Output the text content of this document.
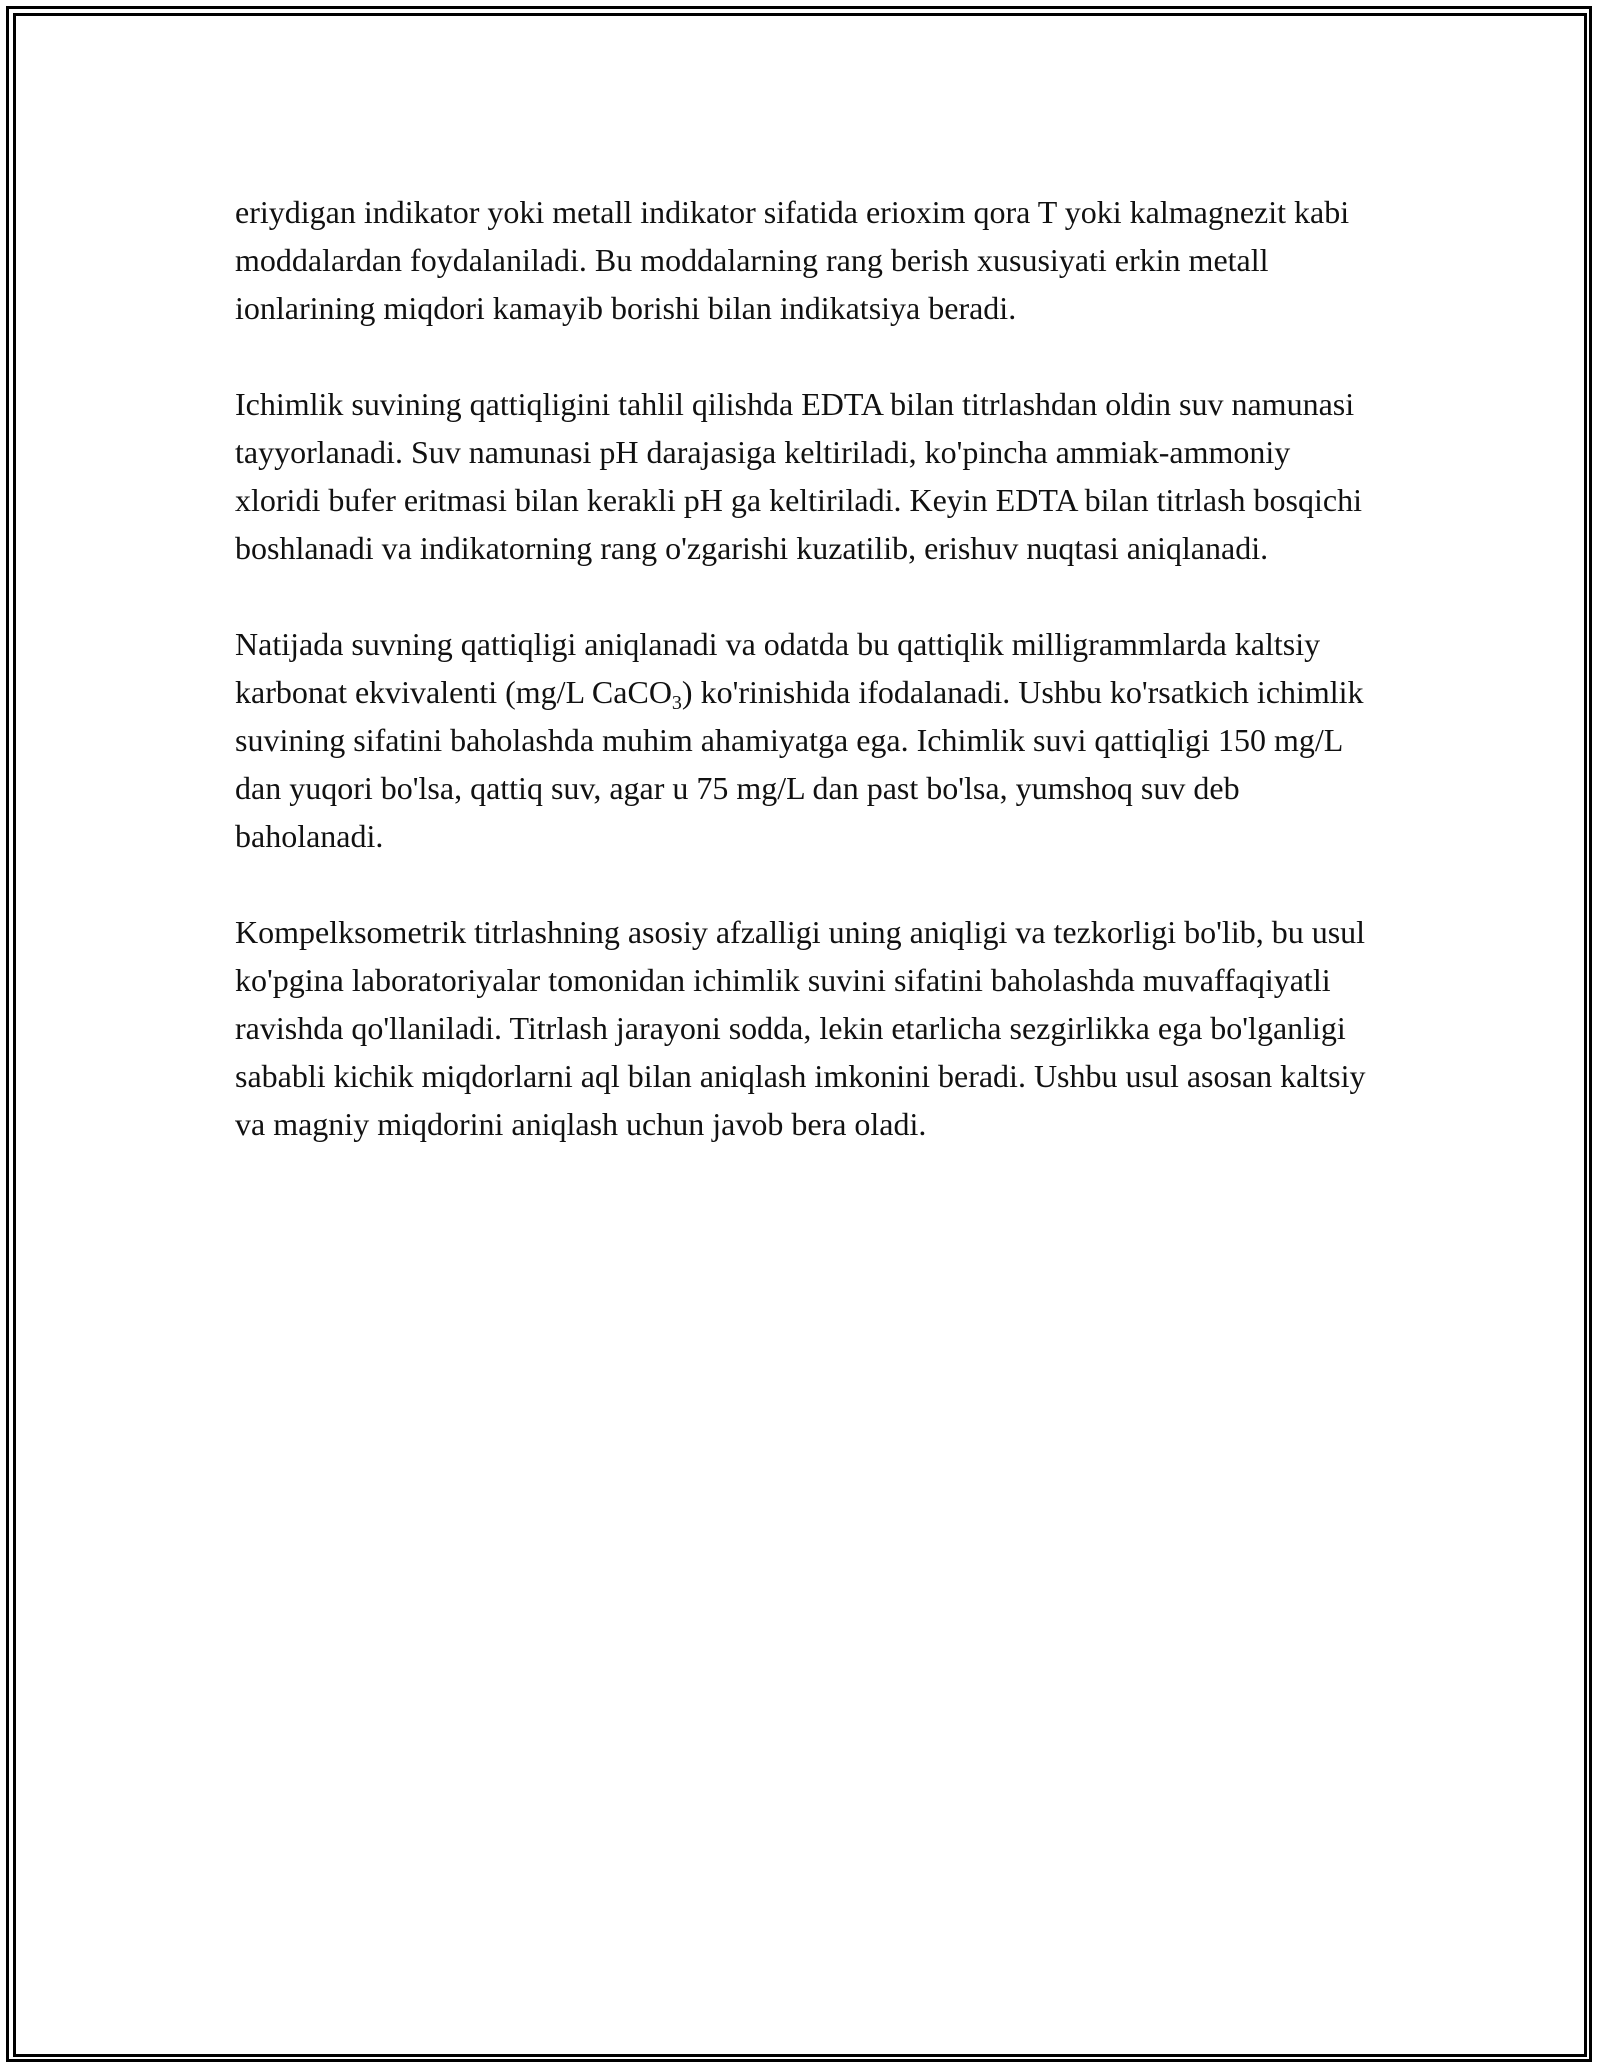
eriydigan indikator yoki metall indikator sifatida erioxim qora T yoki kalmagnezit kabi moddalardan foydalaniladi. Bu moddalarning rang berish xususiyati erkin metall ionlarining miqdori kamayib borishi bilan indikatsiya beradi.

Ichimlik suvining qattiqligini tahlil qilishda EDTA bilan titrlashdan oldin suv namunasi tayyorlanadi. Suv namunasi pH darajasiga keltiriladi, ko'pincha ammiak-ammoniy xloridi bufer eritmasi bilan kerakli pH ga keltiriladi. Keyin EDTA bilan titrlash bosqichi boshlanadi va indikatorning rang o'zgarishi kuzatilib, erishuv nuqtasi aniqlanadi.

Natijada suvning qattiqligi aniqlanadi va odatda bu qattiqlik milligrammlarda kaltsiy karbonat ekvivalenti (mg/L CaCO$_3$) ko'rinishida ifodalanadi. Ushbu ko'rsatkich ichimlik suvining sifatini baholashda muhim ahamiyatga ega. Ichimlik suvi qattiqligi 150 mg/L dan yuqori bo'lsa, qattiq suv, agar u 75 mg/L dan past bo'lsa, yumshoq suv deb baholanadi.

Kompelksometrik titrlashning asosiy afzalligi uning aniqligi va tezkorligi bo'lib, bu usul ko'pgina laboratoriyalar tomonidan ichimlik suvini sifatini baholashda muvaffaqiyatli ravishda qo'llaniladi. Titrlash jarayoni sodda, lekin etarlicha sezgirlikka ega bo'lganligi sababli kichik miqdorlarni aql bilan aniqlash imkonini beradi. Ushbu usul asosan kaltsiy va magniy miqdorini aniqlash uchun javob bera oladi.
